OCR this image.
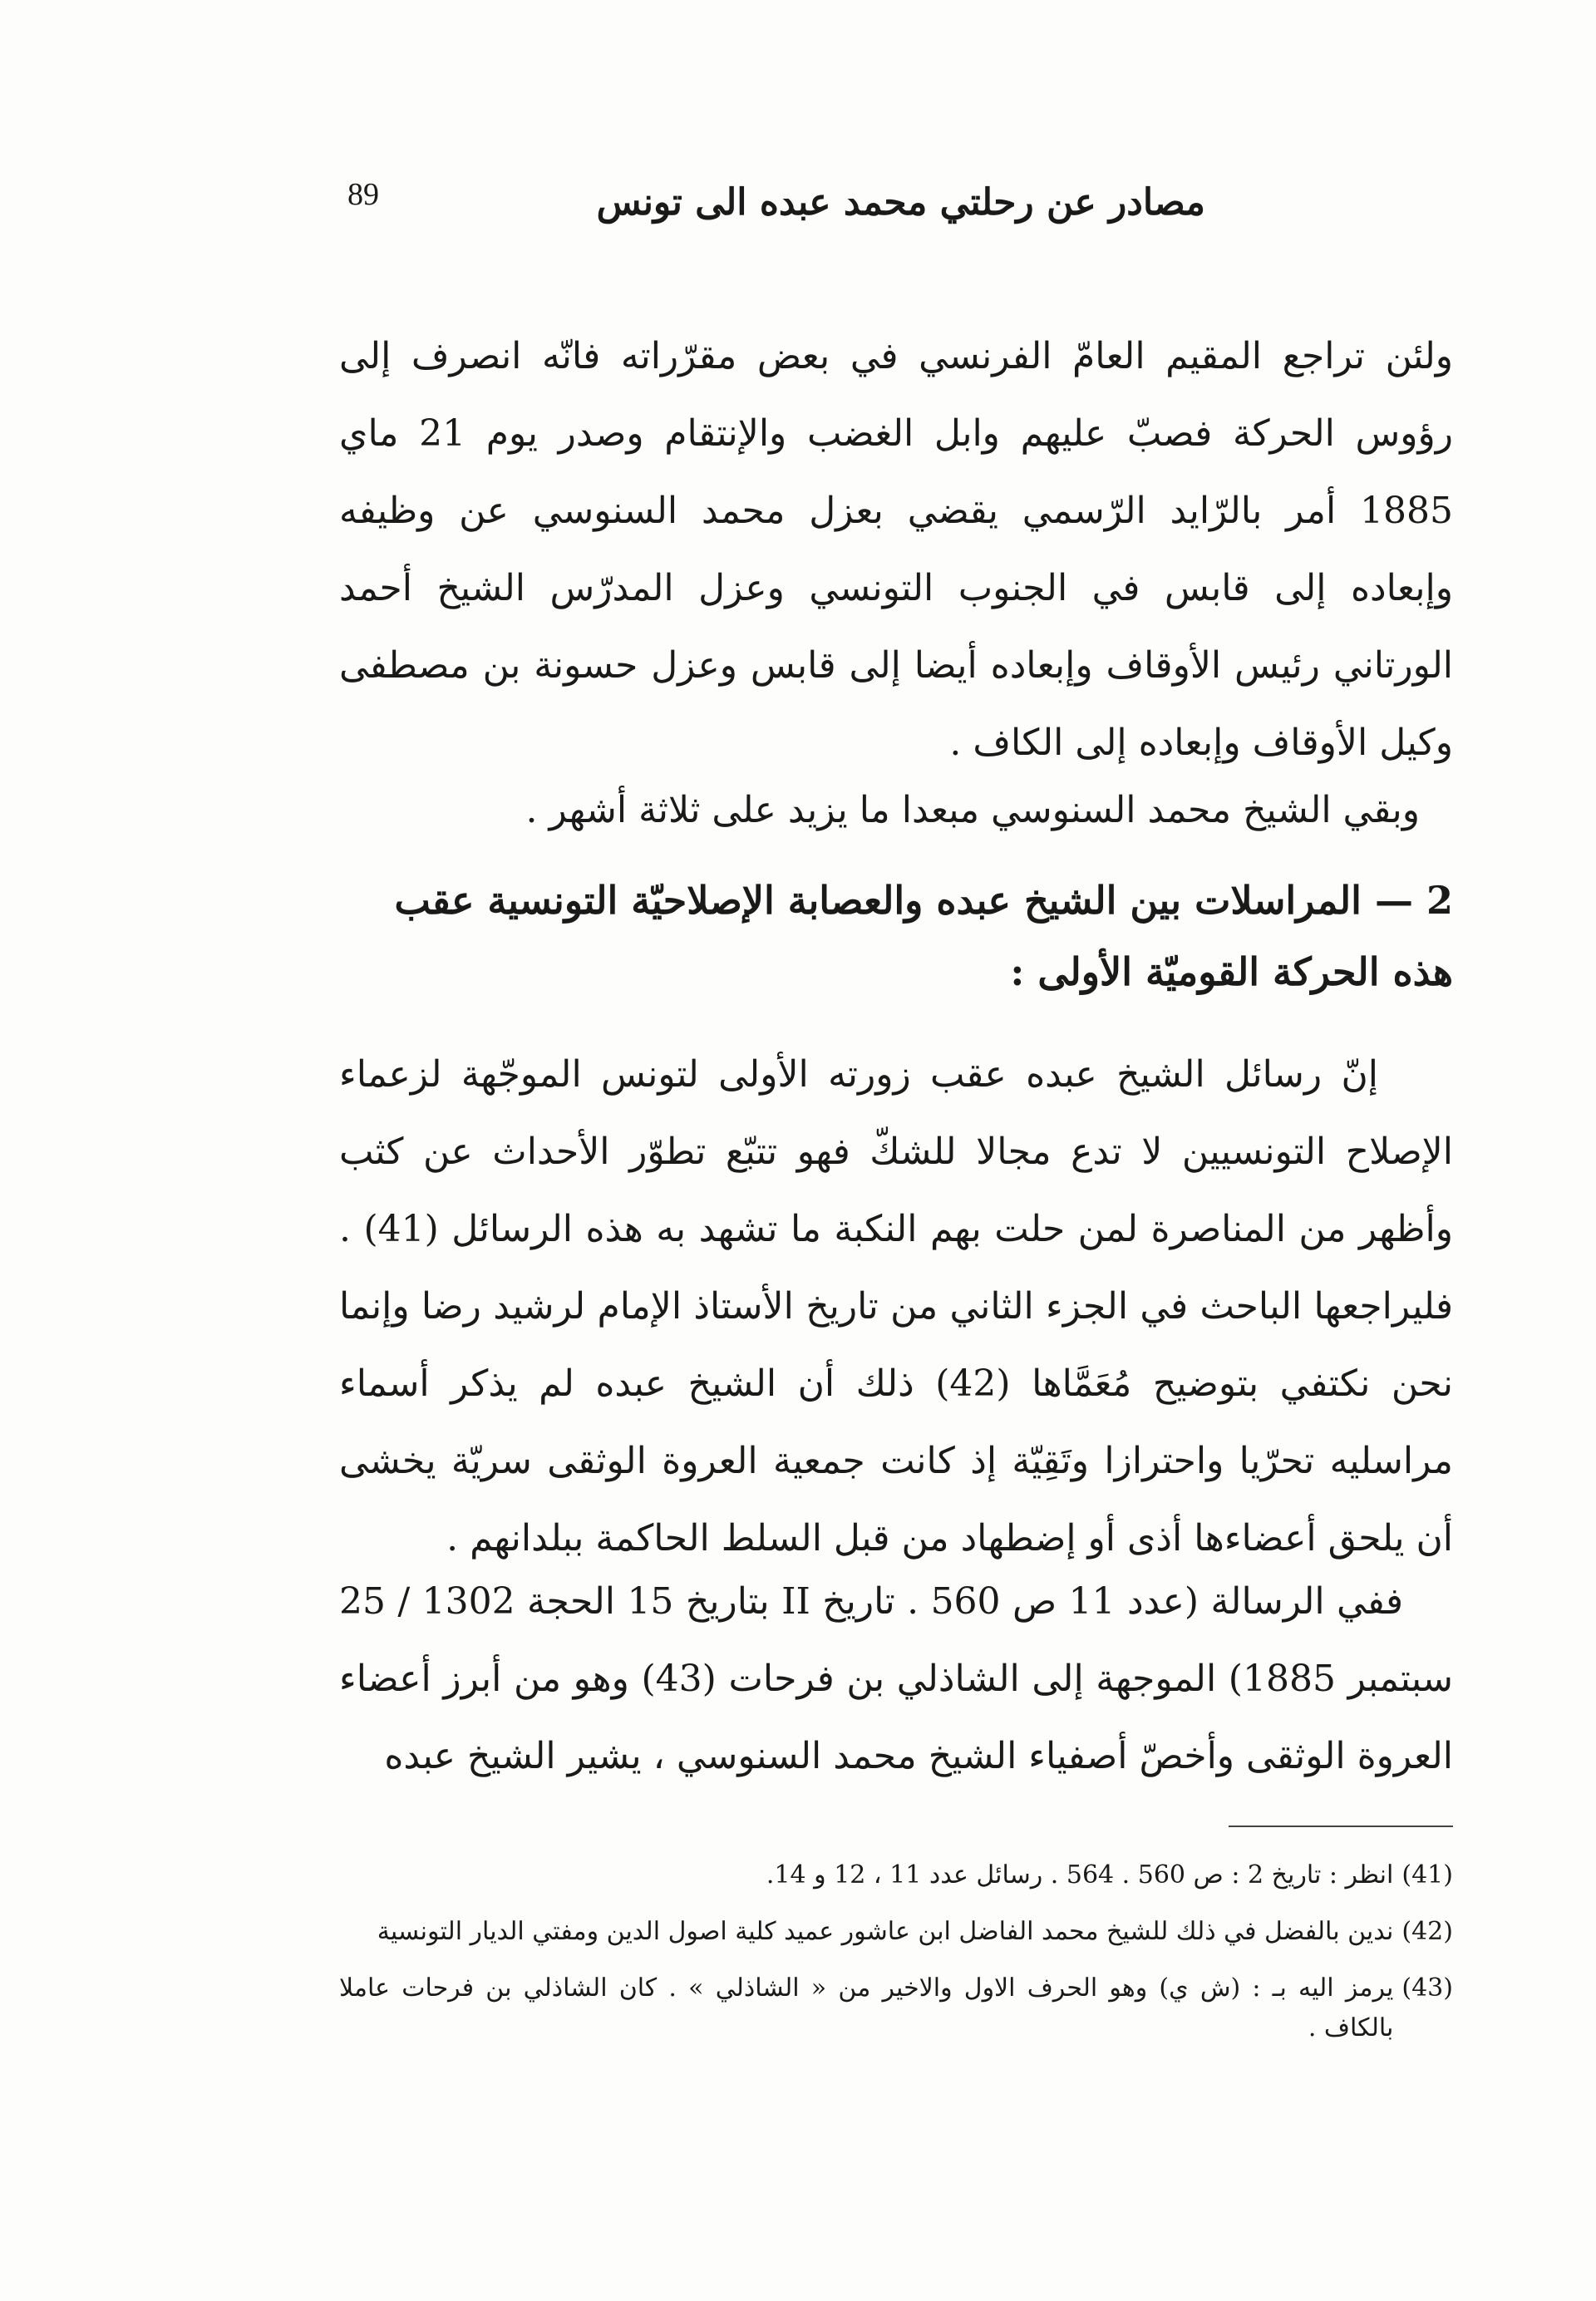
89	مصادر عن رحلتي محمد عبده الى تونس

ولئن تراجع المقيم العامّ الفرنسي في بعض مقرّراته فانّه انصرف إلى رؤوس الحركة فصبّ عليهم وابل الغضب والإنتقام وصدر يوم 21 ماي 1885 أمر بالرّايد الرّسمي يقضي بعزل محمد السنوسي عن وظيفه وإبعاده إلى قابس في الجنوب التونسي وعزل المدرّس الشيخ أحمد الورتاني رئيس الأوقاف وإبعاده أيضا إلى قابس وعزل حسونة بن مصطفى وكيل الأوقاف وإبعاده إلى الكاف .

وبقي الشيخ محمد السنوسي مبعدا ما يزيد على ثلاثة أشهر .

2 — المراسلات بين الشيخ عبده والعصابة الإصلاحيّة التونسية عقب هذه الحركة القوميّة الأولى :

إنّ رسائل الشيخ عبده عقب زورته الأولى لتونس الموجّهة لزعماء الإصلاح التونسيين لا تدع مجالا للشكّ فهو تتبّع تطوّر الأحداث عن كثب وأظهر من المناصرة لمن حلت بهم النكبة ما تشهد به هذه الرسائل (41) . فليراجعها الباحث في الجزء الثاني من تاريخ الأستاذ الإمام لرشيد رضا وإنما نحن نكتفي بتوضيح مُعَمَّاها (42) ذلك أن الشيخ عبده لم يذكر أسماء مراسليه تحرّيا واحترازا وتَقِيّة إذ كانت جمعية العروة الوثقى سريّة يخشى أن يلحق أعضاءها أذى أو إضطهاد من قبل السلط الحاكمة ببلدانهم .

ففي الرسالة (عدد 11 ص 560 . تاريخ II بتاريخ 15 الحجة 1302 / 25 سبتمبر 1885) الموجهة إلى الشاذلي بن فرحات (43) وهو من أبرز أعضاء العروة الوثقى وأخصّ أصفياء الشيخ محمد السنوسي ، يشير الشيخ عبده

(41)
انظر : تاريخ 2 : ص 560 . 564 . رسائل عدد 11 ، 12 و 14.
(42)
ندين بالفضل في ذلك للشيخ محمد الفاضل ابن عاشور عميد كلية اصول الدين ومفتي الديار التونسية
(43)
يرمز اليه بـ : (ش ي) وهو الحرف الاول والاخير من « الشاذلي » . كان الشاذلي بن فرحات عاملا بالكاف .
